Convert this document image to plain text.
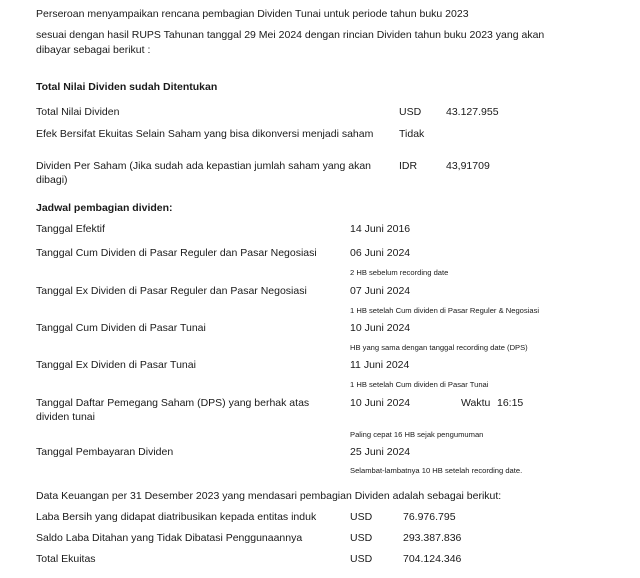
Perseroan menyampaikan rencana pembagian Dividen Tunai untuk periode tahun buku 2023
sesuai dengan hasil RUPS Tahunan tanggal 29 Mei 2024 dengan rincian Dividen tahun buku 2023 yang akan
dibayar sebagai berikut :
Total Nilai Dividen sudah Ditentukan
Total Nilai Dividen	USD 43.127.955
Efek Bersifat Ekuitas Selain Saham yang bisa dikonversi menjadi saham Tidak
Dividen Per Saham (Jika sudah ada kepastian jumlah saham yang akan
dibagi)
IDR	43,91709
Jadwal pembagian dividen:
Tanggal Efektif	14 Juni 2016
Tanggal Cum Dividen di Pasar Reguler dan Pasar Negosiasi	06 Juni 2024
2 HB sebelum recording date
Tanggal Ex Dividen di Pasar Reguler dan Pasar Negosiasi	07 Juni 2024
1 HB setelah Cum dividen di Pasar Reguler & Negosiasi
Tanggal Cum Dividen di Pasar Tunai	10 Juni 2024
HB yang sama dengan tanggal recording date (DPS)
Tanggal Ex Dividen di Pasar Tunai	11 Juni 2024
1 HB setelah Cum dividen di Pasar Tunai
Tanggal Daftar Pemegang Saham (DPS) yang berhak atas
dividen tunai
10 Juni 2024	Waktu 16:15
Paling cepat 16 HB sejak pengumuman
Tanggal Pembayaran Dividen	25 Juni 2024
Selambat-lambatnya 10 HB setelah recording date.
Data Keuangan per 31 Desember 2023 yang mendasari pembagian Dividen adalah sebagai berikut:
Laba Bersih yang didapat diatribusikan kepada entitas induk	USD	76.976.795
Saldo Laba Ditahan yang Tidak Dibatasi Penggunaannya	USD	293.387.836
Total Ekuitas	USD	704.124.346
